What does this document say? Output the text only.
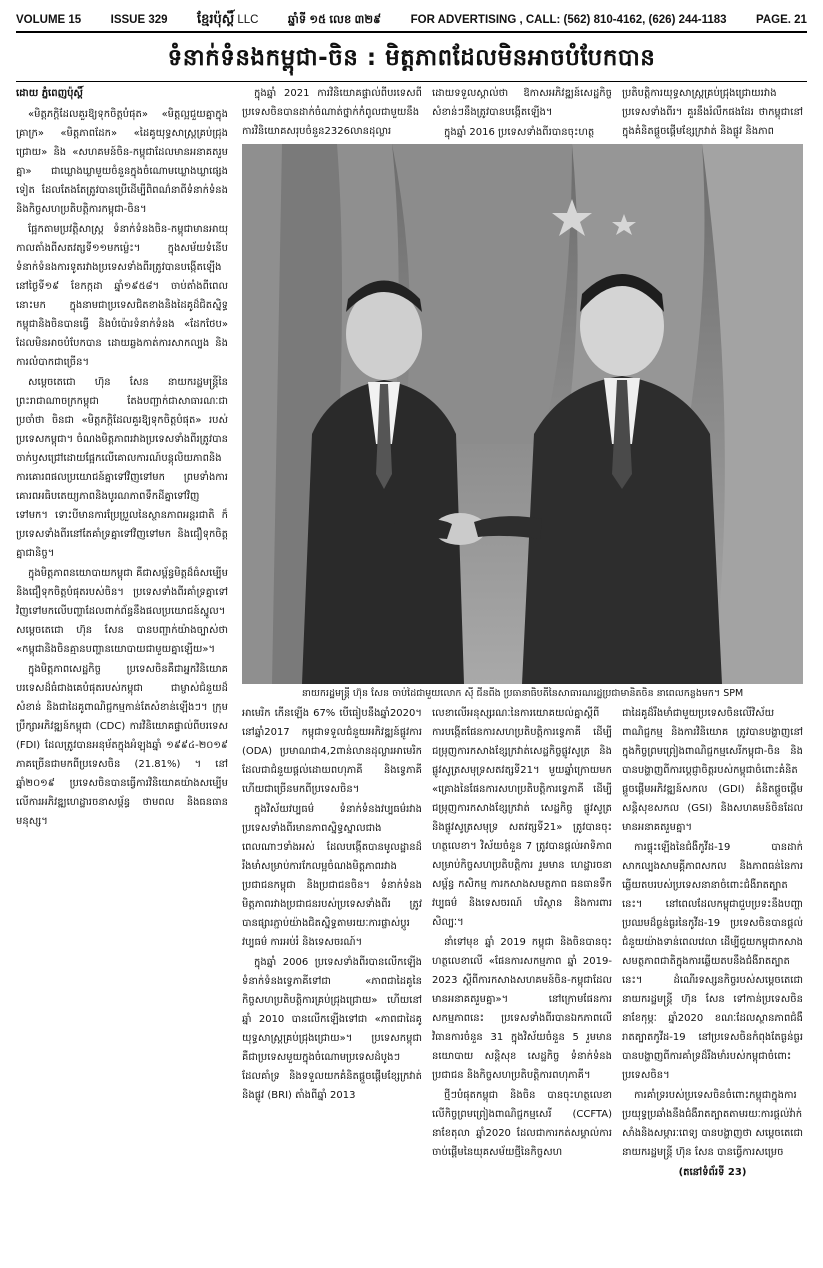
VOLUME 15	ISSUE 329 ខ្មែរប៉ុស្ដិ៍ LLC	ឆ្នាំទី ១៥ លេខ ៣២៩	FOR ADVERTISING , CALL: (562) 810-4162, (626) 244-1183	PAGE. 21
ទំនាក់ទំនងកម្ពុជា-ចិន : មិត្តភាពដែលមិនអាចបំបែកបាន

ដោយ ភ្នំពេញប៉ុស្ដិ៍

«មិត្តភក្ដិដែលគួរឱ្យទុកចិត្តបំផុត» «មិត្តល្អជួយគ្នាក្នុងគ្រាក្រ» «មិត្តភាពដែក» «ដៃគូយុទ្ធសាស្ត្រគ្រប់ជ្រុងជ្រោយ» និង «សហគមន៍ចិន-កម្ពុជាដែលមានអនាគតរួមគ្នា» ជាឃ្លោងឃ្លាមួយចំនួនក្នុងចំណោមឃ្លោងឃ្លាផ្សេងទៀត ដែលតែងតែត្រូវបានប្រើដើម្បីពិពណ៌នាពីទំនាក់ទំនង និងកិច្ចសហប្រតិបត្តិការកម្ពុជា-ចិន។

ផ្អែកតាមប្រវត្តិសាស្ត្រ ទំនាក់ទំនងចិន-កម្ពុជាមានអាយុកាលតាំងពីសតវត្សទី១១មកម្ល៉េះ។ ក្នុងសម័យទំនើប ទំនាក់ទំនងការទូតរវាងប្រទេសទាំងពីរត្រូវបានបង្កើតឡើងនៅថ្ងៃទី១៩ ខែកក្កដា ឆ្នាំ១៩៥៨។ ចាប់តាំងពីពេលនោះមក ក្នុងនាមជាប្រទេសជិតខាងនិងដៃគូដ៏ជិតស្និទ្ធ កម្ពុជានិងចិនបានធ្វើ និងបំប៉ោរទំនាក់ទំនង «ដែកថែប» ដែលមិនអាចបំបែកបាន ដោយឆ្លងកាត់ការសាកល្បង និងការលំបាកជាច្រើន។

សម្ដេចតេជោ ហ៊ុន សែន នាយករដ្ឋមន្ត្រីនៃព្រះរាជាណាចក្រកម្ពុជា តែងបញ្ជាក់ជាសាធារណៈជាប្រចាំថា ចិនជា «មិត្តភក្ដិដែលគួរឱ្យទុកចិត្តបំផុត» របស់ប្រទេសកម្ពុជា។ ចំណងមិត្តភាពរវាងប្រទេសទាំងពីរត្រូវបានចាក់ឫសជ្រៅដោយផ្អែកលើគោលការណ៍បន្តុលិយភាពនិងការគោរពផលប្រយោជន៍គ្នាទៅវិញទៅមក ព្រមទាំងការគោរពអធិបតេយ្យភាពនិងបូរណភាពទឹកដីគ្នាទៅវិញទៅមក។ ទោះបីមានការប្រែប្រួលនៃស្ថានភាពអន្តរជាតិ ក៏ប្រទេសទាំងពីរនៅតែគាំទ្រគ្នាទៅវិញទៅមក និងជឿទុកចិត្តគ្នាជានិច្ច។

ក្នុងមិត្តភាពនយោបាយកម្ពុជា គឺជាសម្ព័ន្ធមិត្តដ៏ធំសម្បើម និងជឿទុកចិត្តបំផុតរបស់ចិន។ ប្រទេសទាំងពីរគាំទ្រគ្នាទៅវិញទៅមកលើបញ្ហាដែលពាក់ព័ន្ធនឹងផលប្រយោជន៍ស្នូល។ សម្ដេចតេជោ ហ៊ុន សែន បានបញ្ជាក់យ៉ាងច្បាស់ថា «កម្ពុជានិងចិនគ្មានបញ្ហានយោបាយជាមួយគ្នាឡើយ»។

ក្នុងមិត្តភាពសេដ្ឋកិច្ច ប្រទេសចិនគឺជាអ្នកវិនិយោគបរទេសដ៏ធំជាងគេបំផុតរបស់កម្ពុជា ជាម្ចាស់ជំនួយដ៏សំខាន់ និងជាដៃគូពាណិជ្ជកម្មកាន់តែសំខាន់ឡើងៗ។ ក្រុមប្រឹក្សាអភិវឌ្ឍន៍កម្ពុជា (CDC) ការវិនិយោគផ្ទាល់ពីបរទេស (FDI) ដែលត្រូវបានអនុម័តក្នុងអំឡុងឆ្នាំ ១៩៩៤-២០១៩ ភាគច្រើនជាមកពីប្រទេសចិន (21.81%) ។ នៅឆ្នាំ២០១៩ ប្រទេសចិនបានធ្វើការវិនិយោគយ៉ាងសម្បើមលើការអភិវឌ្ឍហេដ្ឋារចនាសម្ព័ន្ធ ថាមពល និងធនធានមនុស្ស។

ក្នុងឆ្នាំ 2021 ការវិនិយោគផ្ទាល់ពីបរទេសពីប្រទេសចិនបានដាក់ចំណាត់ថ្នាក់កំពូលជាមួយនឹងការវិនិយោគសរុបចំនួន2326លានដុល្លារ

ដោយទទួលស្គាល់ថា ឱកាសអភិវឌ្ឍន៍សេដ្ឋកិច្ចសំខាន់ៗនឹងត្រូវបានបង្កើតឡើង។

ក្នុងឆ្នាំ 2016 ប្រទេសទាំងពីរបានចុះហត្ថ

ប្រតិបត្តិការយុទ្ធសាស្ត្រគ្រប់ជ្រុងជ្រោយរវាងប្រទេសទាំងពីរ។ គួរនឹងរំលឹកផងដែរ ថាកម្ពុជានៅក្នុងគំនិតផ្តួចផ្តើមខ្សែក្រវាត់ និងផ្លូវ និងភាព

នាយករដ្ឋមន្ត្រី ហ៊ុន សែន ចាប់ដៃជាមួយលោក ស៊ី ជីនពីង ប្រធានាធិបតីនៃសាធារណរដ្ឋប្រជាមានិតចិន នាពេលកន្លងមក។ SPM

អាមេរិក កើនឡើង 67% បើធៀបនឹងឆ្នាំ2020។ នៅឆ្នាំ2017 កម្ពុជាទទួលជំនួយអភិវឌ្ឍន៍ផ្លូវការ (ODA) ប្រមាណជា4,2ពាន់លានដុល្លារអាមេរិក ដែលជាជំនួយផ្ដល់ដោយពហុភាគី និងទ្វេភាគី ហើយជាច្រើនមកពីប្រទេសចិន។

ក្នុងវិស័យវប្បធម៌ ទំនាក់ទំនងវប្បធម៌រវាងប្រទេសទាំងពីរមានភាពស្និទ្ធស្នាលជាងពេលណាៗទាំងអស់ ដែលបង្កើតបានមូលដ្ឋានដ៏រឹងមាំសម្រាប់ការកែលម្អចំណងមិត្តភាពរវាងប្រជាជនកម្ពុជា និងប្រជាជនចិន។ ទំនាក់ទំនងមិត្តភាពរវាងប្រជាជនរបស់ប្រទេសទាំងពីរ ត្រូវបានផ្សារភ្ជាប់យ៉ាងជិតស្និទ្ធតាមរយៈការផ្លាស់ប្ដូរវប្បធម៌ ការអប់រំ និងទេសចរណ៍។

ក្នុងឆ្នាំ 2006 ប្រទេសទាំងពីរបានលើកឡើងទំនាក់ទំនងទ្វេភាគីទៅជា «ភាពជាដៃគូនៃកិច្ចសហប្រតិបត្តិការគ្រប់ជ្រុងជ្រោយ» ហើយនៅឆ្នាំ 2010 បានលើកឡើងទៅជា «ភាពជាដៃគូយុទ្ធសាស្ត្រគ្រប់ជ្រុងជ្រោយ»។ ប្រទេសកម្ពុជា គឺជាប្រទេសមួយក្នុងចំណោមប្រទេសដំបូងៗ ដែលគាំទ្រ និងទទួលយកគំនិតផ្តួចផ្តើមខ្សែក្រវាត់ និងផ្លូវ (BRI) តាំងពីឆ្នាំ 2013

លេខាលើអនុស្សរណៈនៃការយោគយល់គ្នាស្ដីពីការបង្កើតផែនការសហប្រតិបត្តិការទ្វេភាគី ដើម្បីជម្រុញការកសាងខ្សែក្រវាត់សេដ្ឋកិច្ចផ្លូវសូត្រ និងផ្លូវសូត្រសមុទ្រសតវត្សទី21។ មួយឆ្នាំក្រោយមក «គ្រោងនៃផែនការសហប្រតិបត្តិការទ្វេភាគី ដើម្បីជម្រុញការកសាងខ្សែក្រវាត់ សេដ្ឋកិច្ច ផ្លូវសូត្រ និងផ្លូវសូត្រសមុទ្រ សតវត្សទី21» ត្រូវបានចុះហត្ថលេខា។ វិស័យចំនួន 7 ត្រូវបានផ្ដល់អាទិភាព សម្រាប់កិច្ចសហប្រតិបត្តិការ រួមមាន ហេដ្ឋារចនាសម្ព័ន្ធ កសិកម្ម ការកសាងសមត្ថភាព ធនធានទឹក វប្បធម៌ និងទេសចរណ៍ បរិស្ថាន និងការពារសិល្បៈ។

នាំទៅមុខ ឆ្នាំ 2019 កម្ពុជា និងចិនបានចុះហត្ថលេខាលើ «ផែនការសកម្មភាព ឆ្នាំ 2019-2023 ស្ដីពីការកសាងសហគមន៍ចិន-កម្ពុជាដែលមានអនាគតរួមគ្នា»។ នៅក្រោមផែនការសកម្មភាពនេះ ប្រទេសទាំងពីរបានឯកភាពលើវិធានការចំនួន 31 ក្នុងវិស័យចំនួន 5 រួមមាន នយោបាយ សន្តិសុខ សេដ្ឋកិច្ច ទំនាក់ទំនងប្រជាជន និងកិច្ចសហប្រតិបត្តិការពហុភាគី។

ថ្មីៗបំផុតកម្ពុជា និងចិន បានចុះហត្ថលេខាលើកិច្ចព្រមព្រៀងពាណិជ្ជកម្មសេរី (CCFTA) នាខែតុលា ឆ្នាំ2020 ដែលជាការកត់សម្គាល់ការចាប់ផ្តើមនៃយុគសម័យថ្មីនៃកិច្ចសហ

ជាដៃគូដ៏រឹងមាំជាមួយប្រទេសចិនលើវិស័យពាណិជ្ជកម្ម និងការវិនិយោគ ត្រូវបានបង្ហាញនៅក្នុងកិច្ចព្រមព្រៀងពាណិជ្ជកម្មសេរីកម្ពុជា-ចិន និងបានបង្ហាញពីការប្ដេជ្ញាចិត្តរបស់កម្ពុជាចំពោះគំនិតផ្តួចផ្តើមអភិវឌ្ឍន៍សកល (GDI) គំនិតផ្តួចផ្តើមសន្តិសុខសកល (GSI) និងសហគមន៍ចិនដែលមានអនាគតរួមគ្នា។

ការផ្ទុះឡើងនៃជំងឺកូវីដ-19 បានដាក់សាកល្បងសាមគ្គីភាពសកល និងភាពធន់នៃការឆ្លើយតបរបស់ប្រទេសនានាចំពោះជំងឺរាតត្បាតនេះ។ នៅពេលដែលកម្ពុជាជួបប្រទះនឹងបញ្ហាប្រឈមដ៏ធ្ងន់ធ្ងរនៃកូវីដ-19 ប្រទេសចិនបានផ្ដល់ជំនួយយ៉ាងទាន់ពេលវេលា ដើម្បីជួយកម្ពុជាកសាងសមត្ថភាពជាតិក្នុងការឆ្លើយតបនឹងជំងឺរាតត្បាតនេះ។ ដំណើរទស្សនកិច្ចរបស់សម្ដេចតេជោ នាយករដ្ឋមន្ត្រី ហ៊ុន សែន ទៅកាន់ប្រទេសចិន នាខែកុម្ភៈ ឆ្នាំ2020 ខណៈដែលស្ថានភាពជំងឺរាតត្បាតកូវីដ-19 នៅប្រទេសចិនកំពុងតែធ្ងន់ធ្ងរ បានបង្ហាញពីការគាំទ្រដ៏រឹងមាំរបស់កម្ពុជាចំពោះប្រទេសចិន។

ការគាំទ្ររបស់ប្រទេសចិនចំពោះកម្ពុជាក្នុងការប្រយុទ្ធប្រឆាំងនឹងជំងឺរាតត្បាតតាមរយៈការផ្ដល់វ៉ាក់សាំងនិងសម្ភារៈពេទ្យ បានបង្ហាញថា សម្ដេចតេជោ នាយករដ្ឋមន្ត្រី ហ៊ុន សែន បានធ្វើការសម្រេច

(តនៅទំព័រទី 23)
